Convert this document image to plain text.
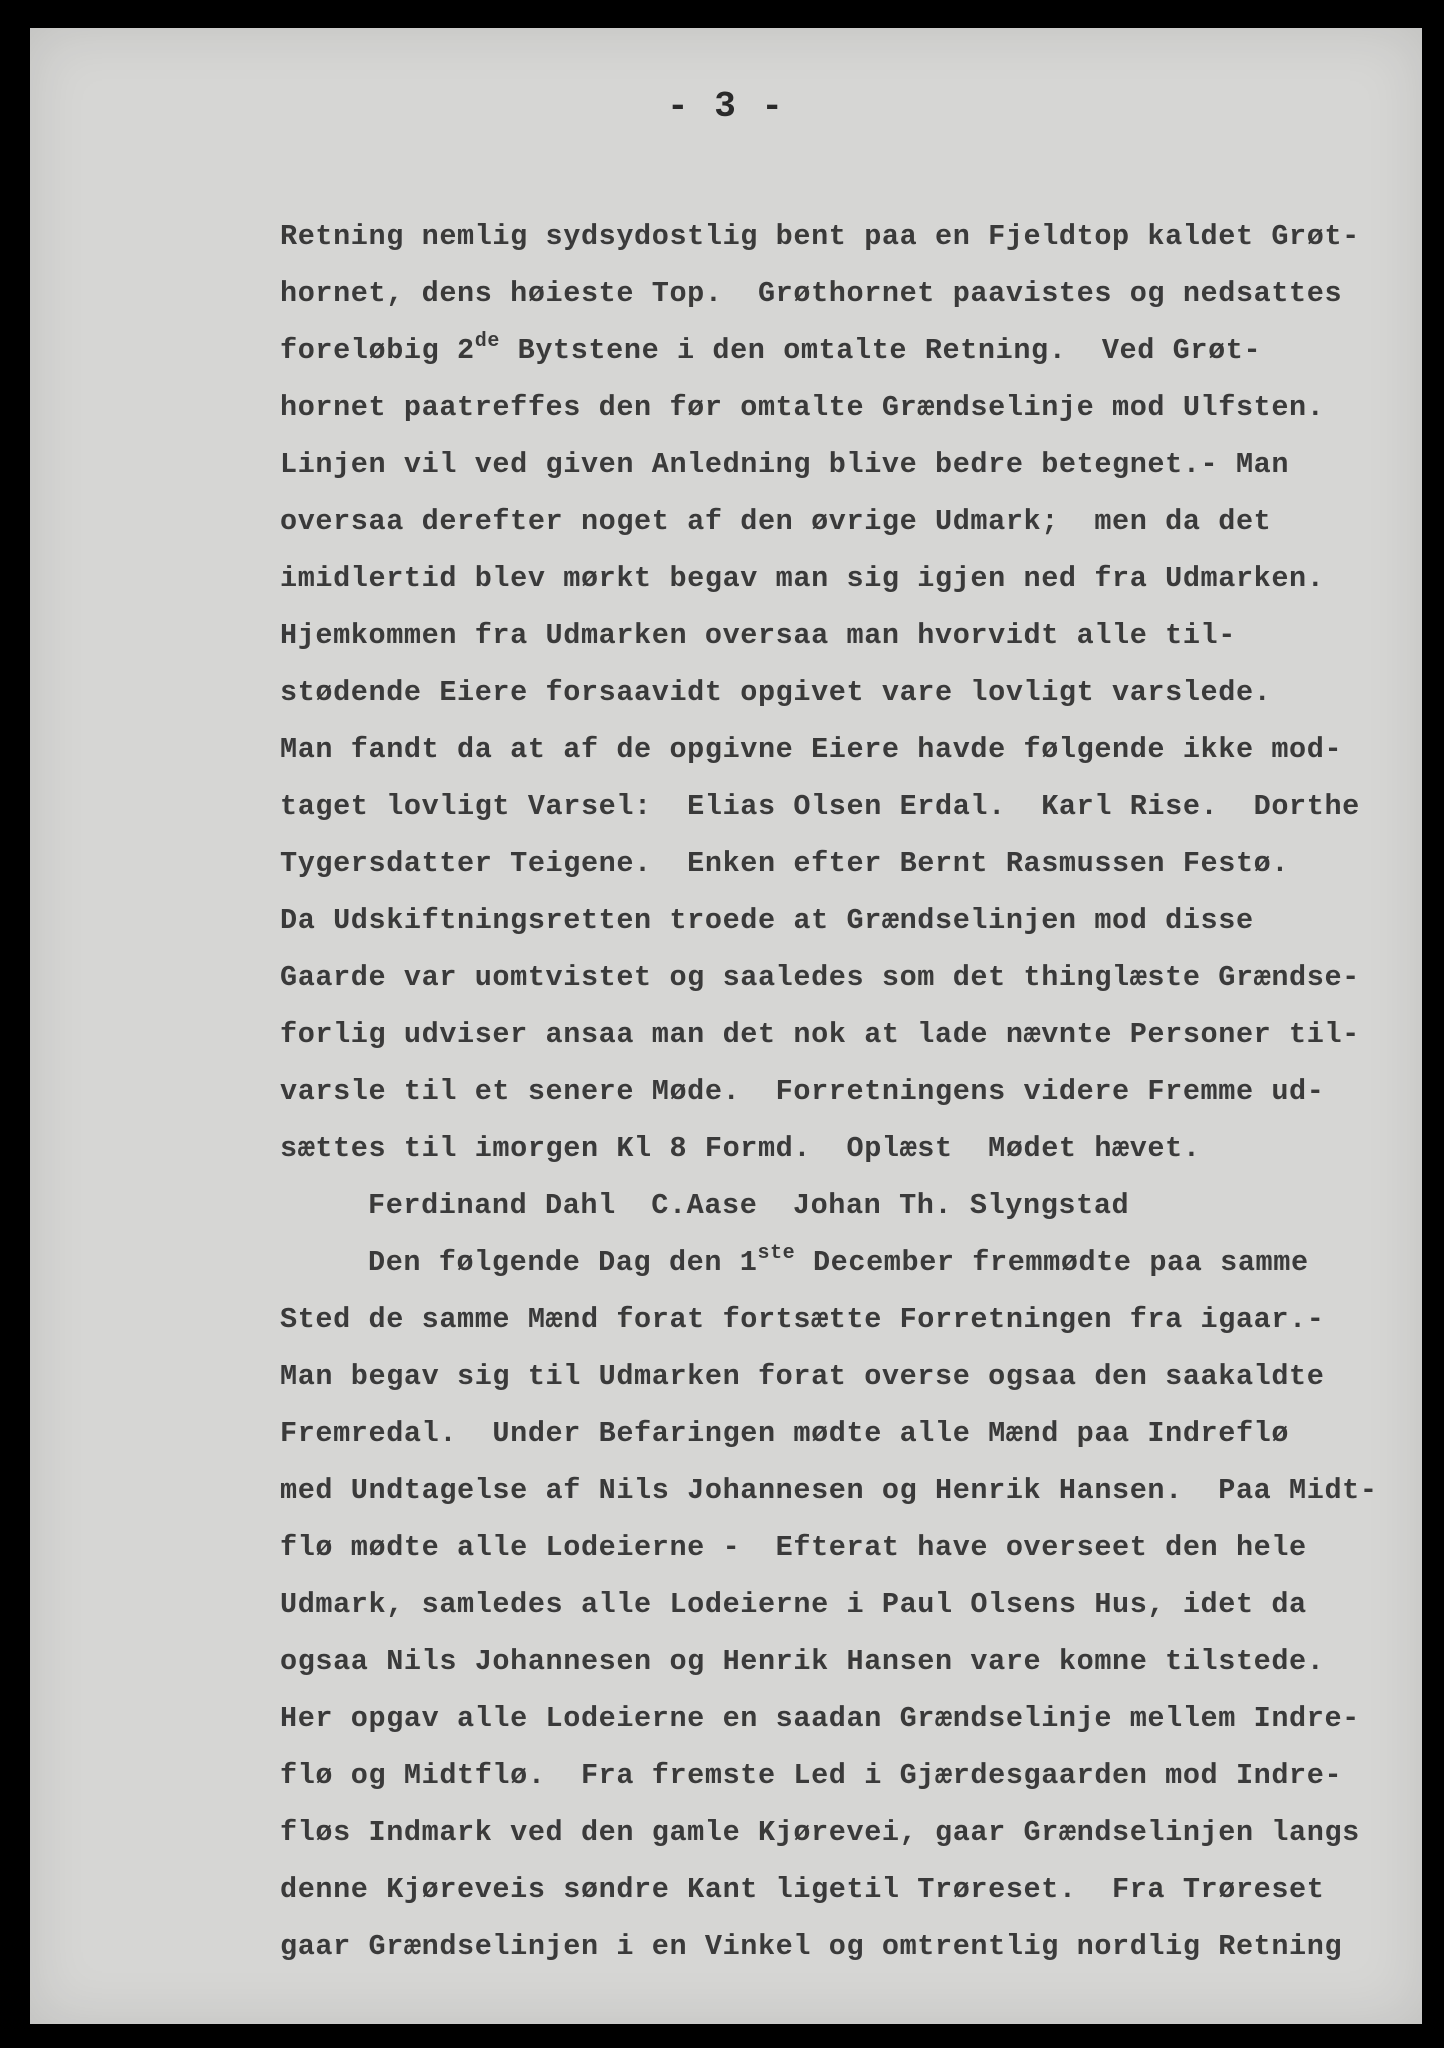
- 3 -
Retning nemlig sydsydostlig bent paa en Fjeldtop kaldet Grøt-
hornet, dens høieste Top.  Grøthornet paavistes og nedsattes
foreløbig 2de Bytstene i den omtalte Retning.  Ved Grøt-
hornet paatreffes den før omtalte Grændselinje mod Ulfsten.
Linjen vil ved given Anledning blive bedre betegnet.- Man
oversaa derefter noget af den øvrige Udmark;  men da det
imidlertid blev mørkt begav man sig igjen ned fra Udmarken.
Hjemkommen fra Udmarken oversaa man hvorvidt alle til-
stødende Eiere forsaavidt opgivet vare lovligt varslede.
Man fandt da at af de opgivne Eiere havde følgende ikke mod-
taget lovligt Varsel:  Elias Olsen Erdal.  Karl Rise.  Dorthe
Tygersdatter Teigene.  Enken efter Bernt Rasmussen Festø.
Da Udskiftningsretten troede at Grændselinjen mod disse
Gaarde var uomtvistet og saaledes som det thinglæste Grændse-
forlig udviser ansaa man det nok at lade nævnte Personer til-
varsle til et senere Møde.  Forretningens videre Fremme ud-
sættes til imorgen Kl 8 Formd.  Oplæst  Mødet hævet.
Ferdinand Dahl  C.Aase  Johan Th. Slyngstad
Den følgende Dag den 1ste December fremmødte paa samme
Sted de samme Mænd forat fortsætte Forretningen fra igaar.-
Man begav sig til Udmarken forat overse ogsaa den saakaldte
Fremredal.  Under Befaringen mødte alle Mænd paa Indreflø
med Undtagelse af Nils Johannesen og Henrik Hansen.  Paa Midt-
flø mødte alle Lodeierne -  Efterat have overseet den hele
Udmark, samledes alle Lodeierne i Paul Olsens Hus, idet da
ogsaa Nils Johannesen og Henrik Hansen vare komne tilstede.
Her opgav alle Lodeierne en saadan Grændselinje mellem Indre-
flø og Midtflø.  Fra fremste Led i Gjærdesgaarden mod Indre-
fløs Indmark ved den gamle Kjørevei, gaar Grændselinjen langs
denne Kjøreveis søndre Kant ligetil Trøreset.  Fra Trøreset
gaar Grændselinjen i en Vinkel og omtrentlig nordlig Retning
